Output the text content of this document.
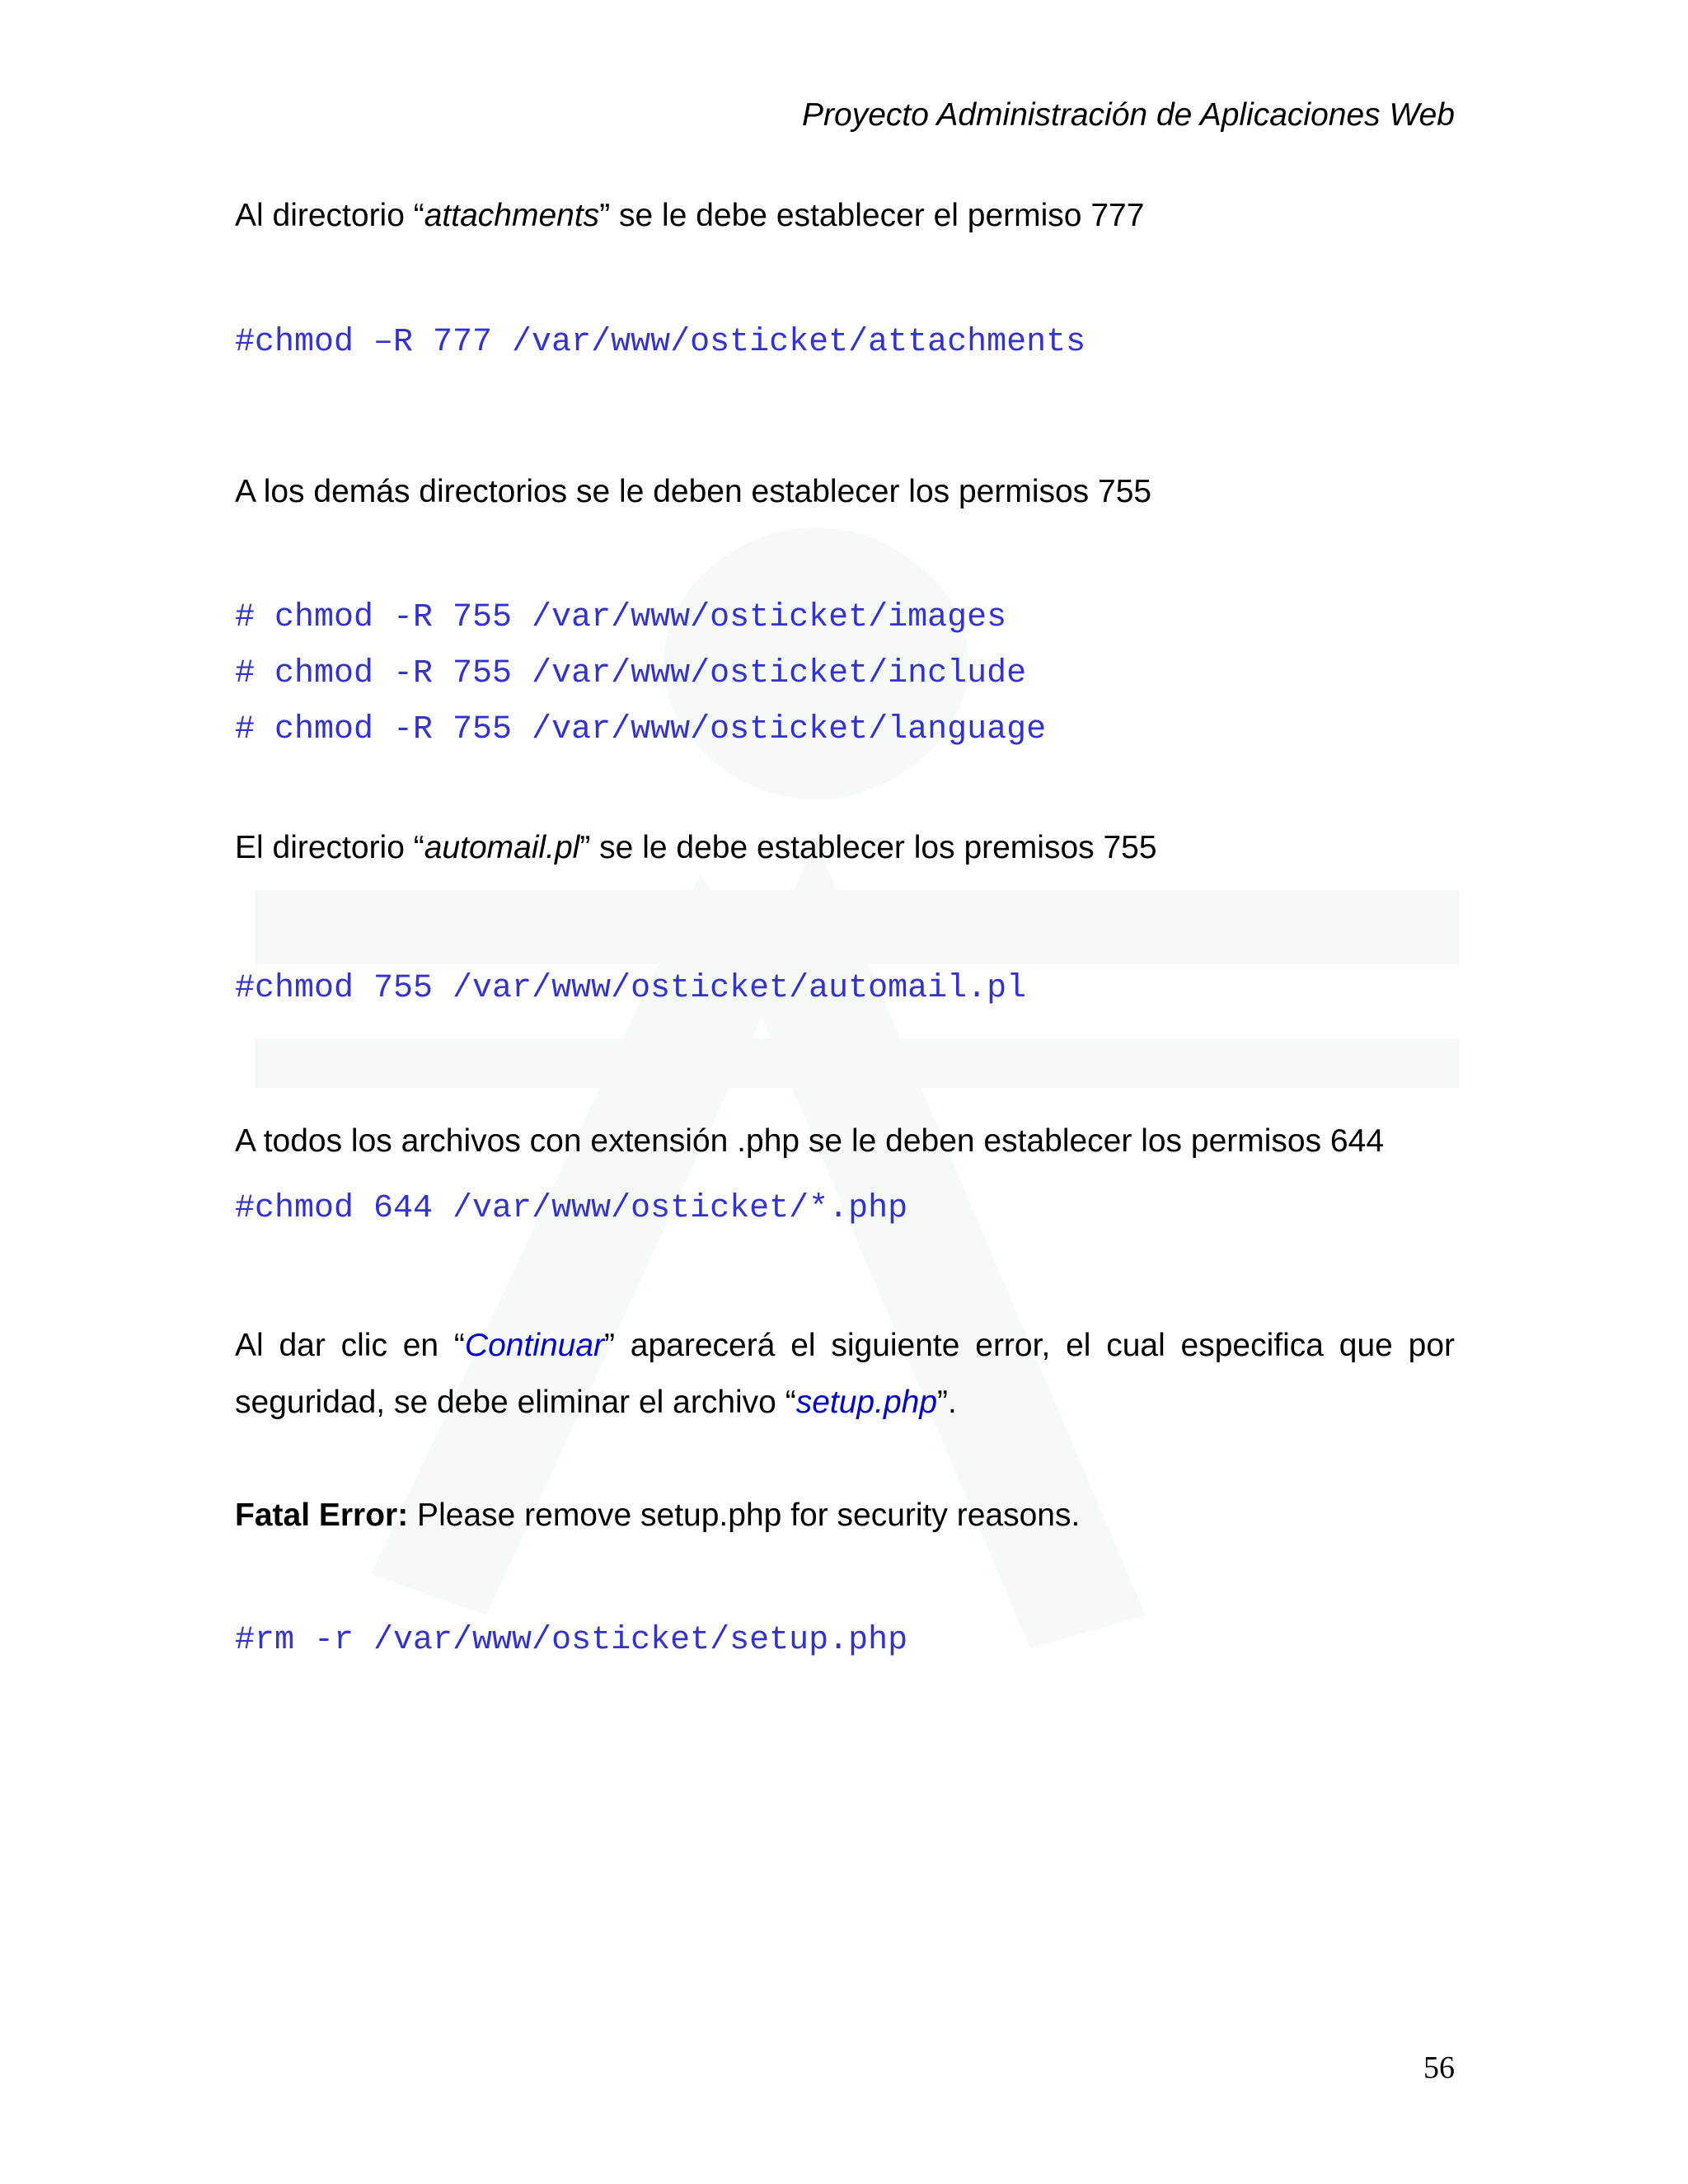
Proyecto Administración de Aplicaciones Web
Al directorio “attachments” se le debe establecer el permiso 777
#chmod –R 777 /var/www/osticket/attachments
A los demás directorios se le deben establecer los permisos 755
# chmod -R 755 /var/www/osticket/images
# chmod -R 755 /var/www/osticket/include
# chmod -R 755 /var/www/osticket/language
El directorio “automail.pl” se le debe establecer los premisos 755
#chmod 755 /var/www/osticket/automail.pl
A todos los archivos con extensión .php se le deben establecer los permisos 644
#chmod 644 /var/www/osticket/*.php
Al dar clic en “Continuar” aparecerá el siguiente error, el cual especifica que por
seguridad, se debe eliminar el archivo “setup.php”.
Fatal Error: Please remove setup.php for security reasons.
#rm -r /var/www/osticket/setup.php
56
